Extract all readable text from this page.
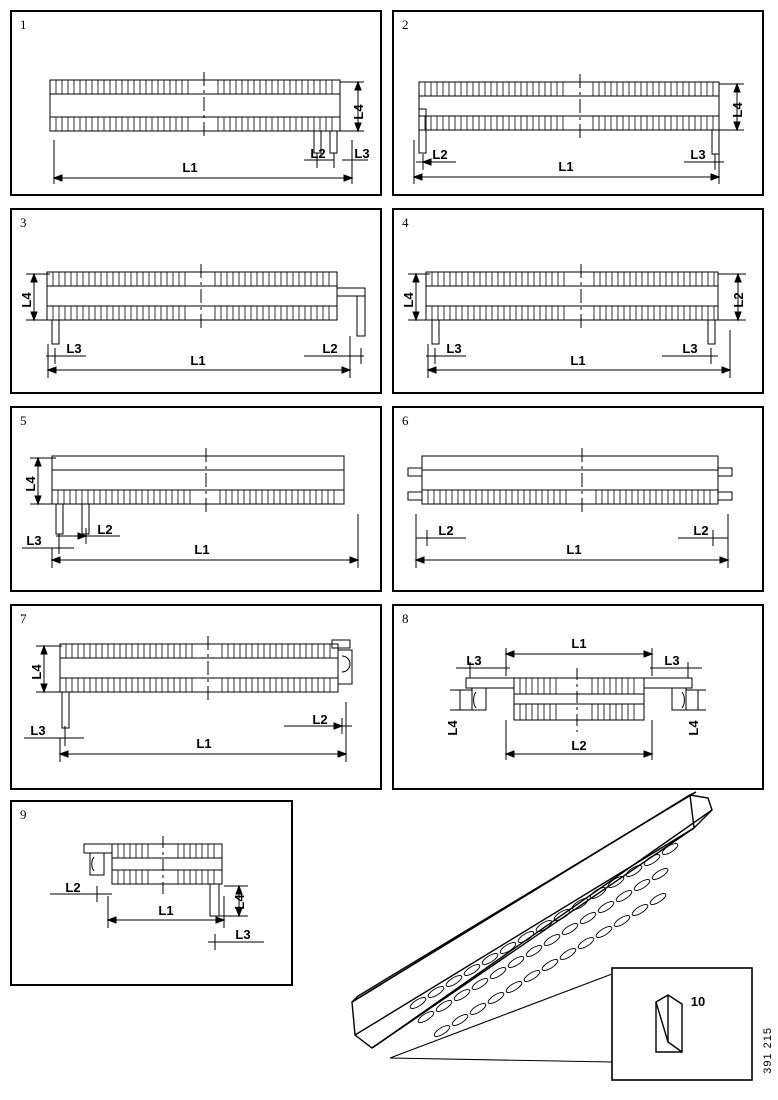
1
L1
L2 L3
L4
2
L1
L2	L3
L4
3
L1
L3	L2
L4
4
L1
L3	L3
L4	L2
5
L1
L2
L3
L4
6
L1
L2	L2
7
L1
L2
L3
L4
8
L1
L3	L3
L4	L4
L2
9
L1
L2
L3
L4
10
391 215
